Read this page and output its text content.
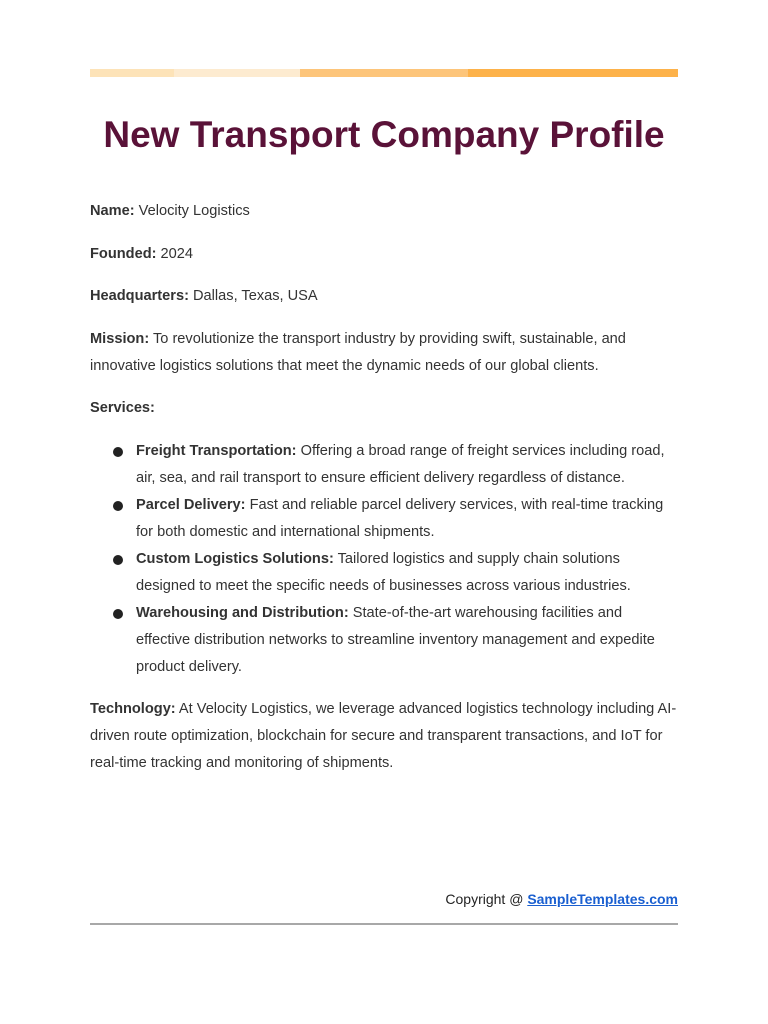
New Transport Company Profile

Name: Velocity Logistics

Founded: 2024

Headquarters: Dallas, Texas, USA

Mission: To revolutionize the transport industry by providing swift, sustainable, and innovative logistics solutions that meet the dynamic needs of our global clients.

Services:

Freight Transportation: Offering a broad range of freight services including road, air, sea, and rail transport to ensure efficient delivery regardless of distance.
Parcel Delivery: Fast and reliable parcel delivery services, with real-time tracking for both domestic and international shipments.
Custom Logistics Solutions: Tailored logistics and supply chain solutions designed to meet the specific needs of businesses across various industries.
Warehousing and Distribution: State-of-the-art warehousing facilities and effective distribution networks to streamline inventory management and expedite product delivery.

Technology: At Velocity Logistics, we leverage advanced logistics technology including AI-driven route optimization, blockchain for secure and transparent transactions, and IoT for real-time tracking and monitoring of shipments.

Copyright @ SampleTemplates.com
